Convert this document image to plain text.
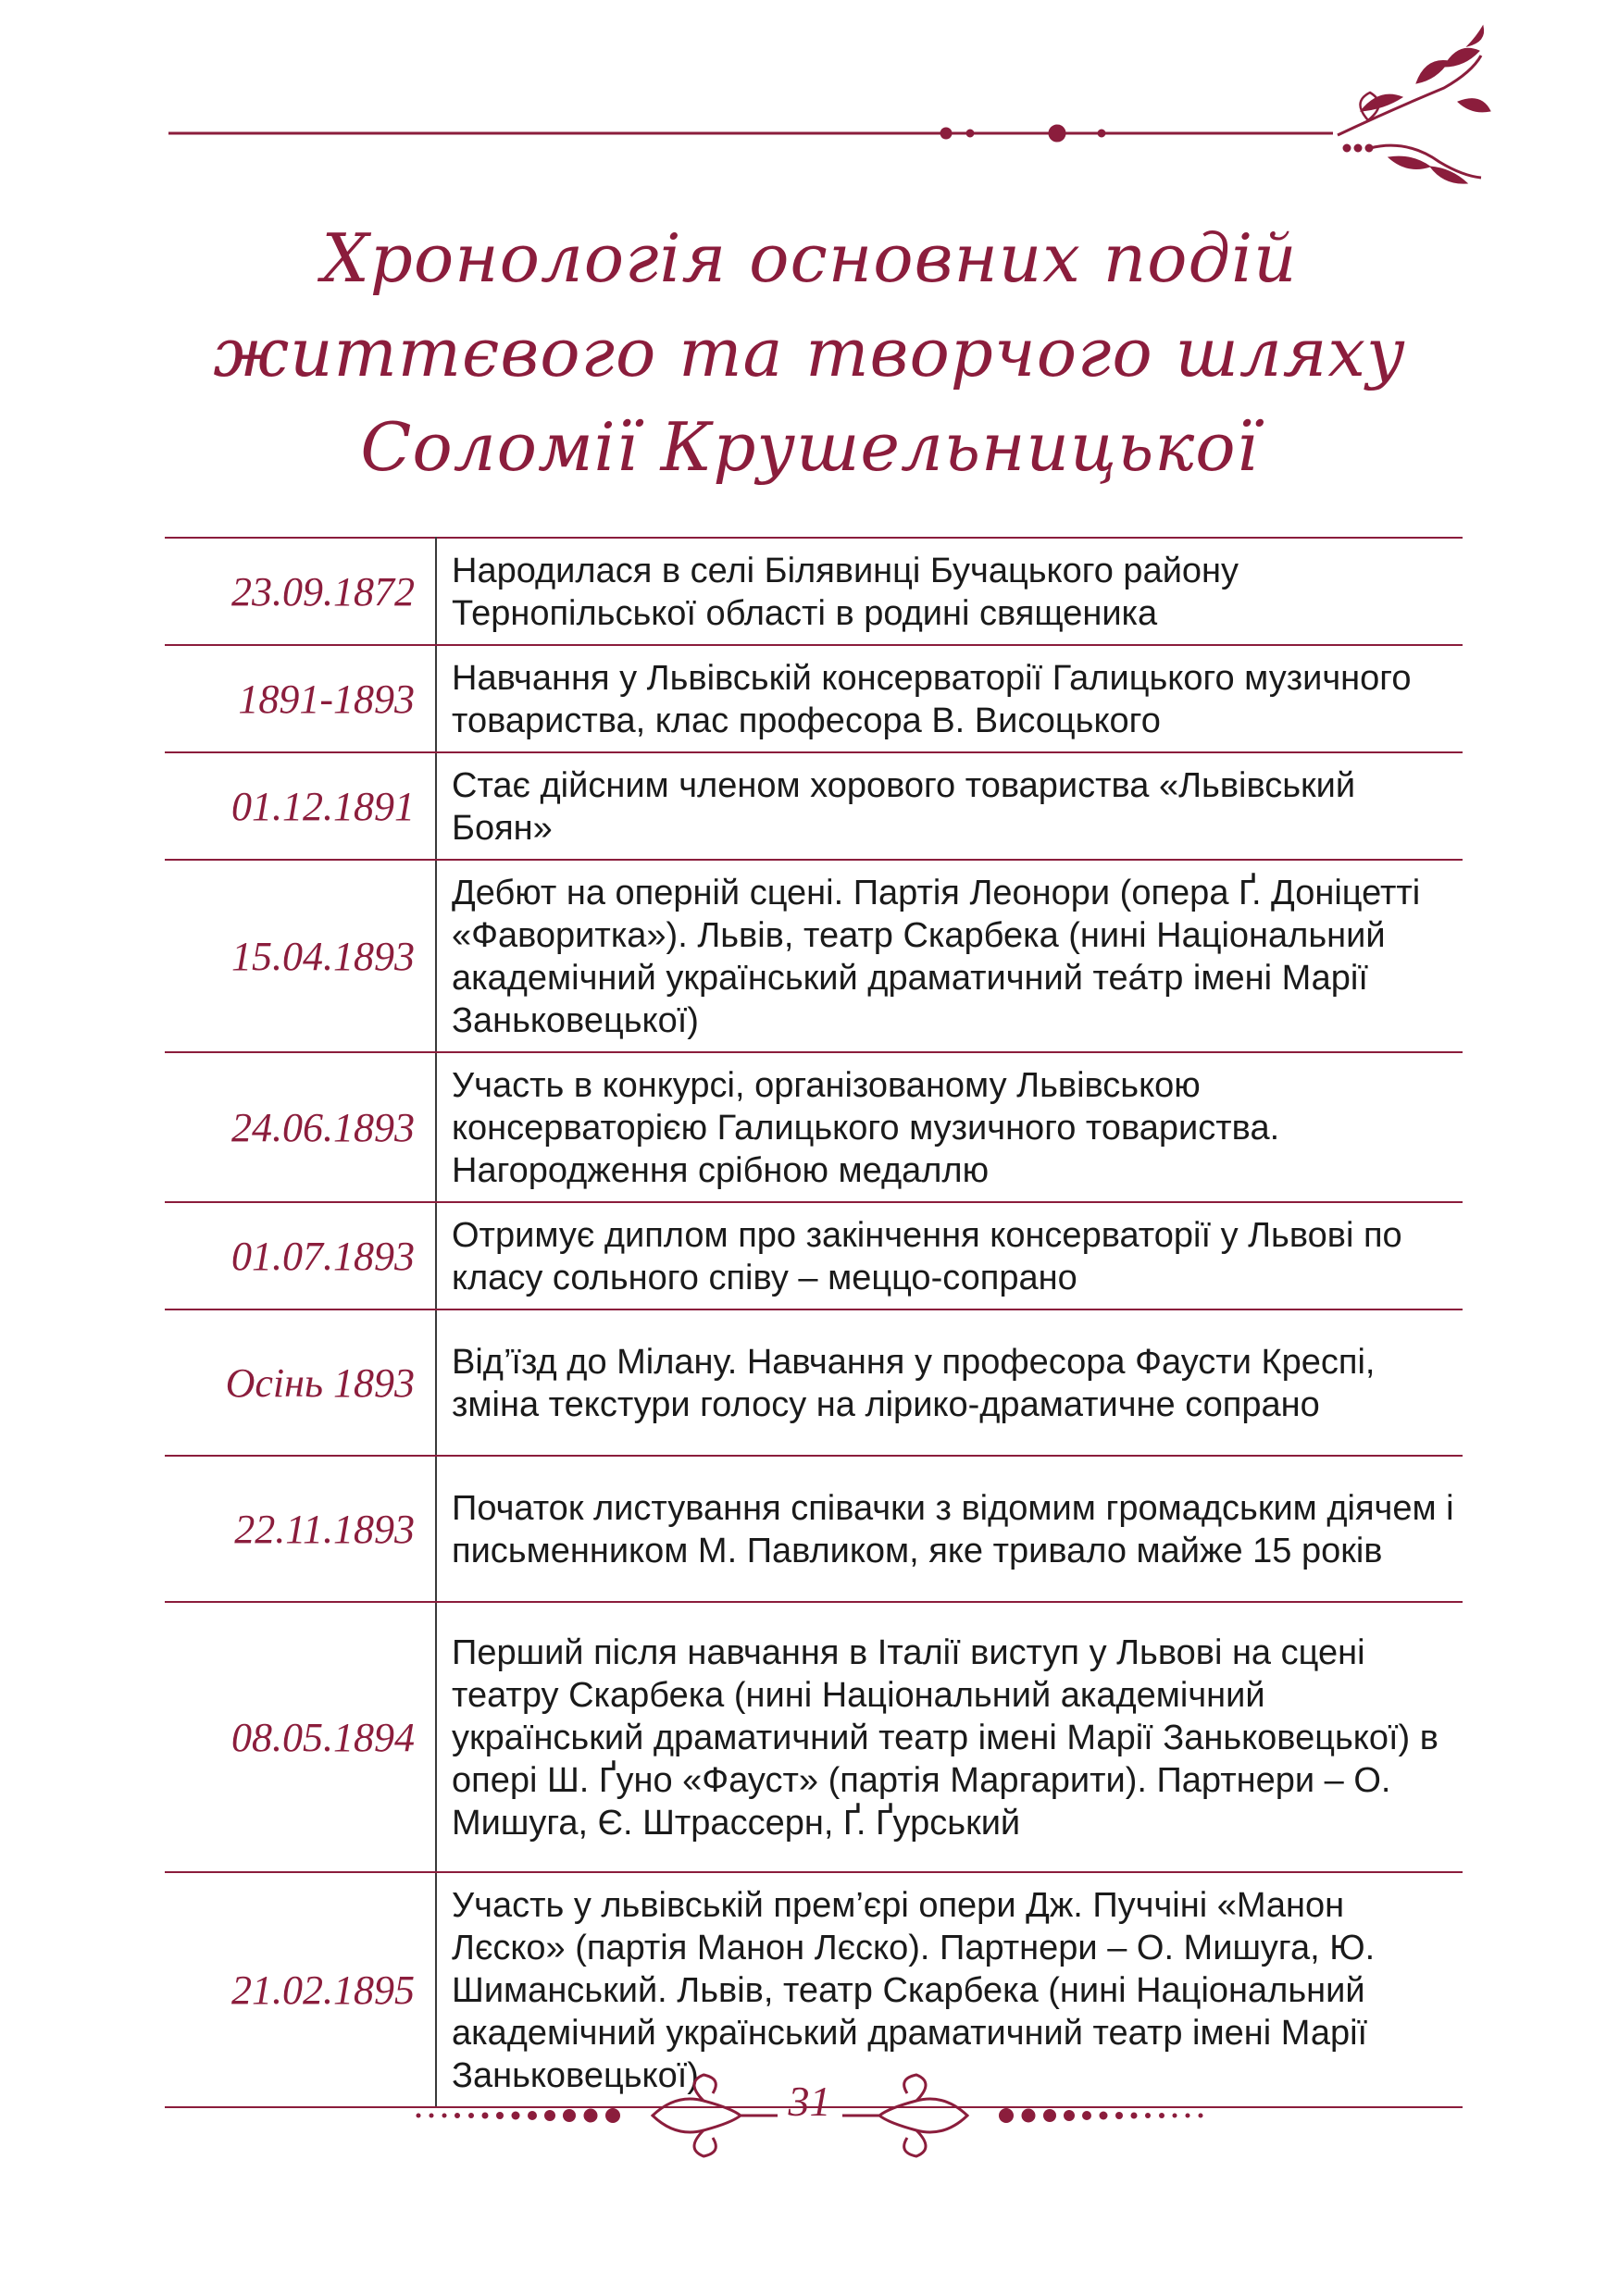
Хронологія основних подій
життєвого та творчого шляху
Соломії Крушельницької
23.09.1872	Народилася в селі Білявинці Бучацького району Тернопільської області в родині священика
1891-1893	Навчання у Львівській консерваторії Галицького музичного товариства, клас професора В. Висоцького
01.12.1891	Стає дійсним членом хорового товариства «Львівський Боян»
15.04.1893	Дебют на оперній сцені. Партія Леонори (опера Ґ. Доніцетті «Фаворитка»). Львів, театр Скарбека (нині Національний академічний український драматичний теа́тр імені Марії Заньковецької)
24.06.1893	Участь в конкурсі, організованому Львівською консерваторією Галицького музичного товариства. Нагородження срібною медаллю
01.07.1893	Отримує диплом про закінчення консерваторії у Львові по класу сольного співу – меццо-сопрано
Осінь 1893	Від’їзд до Мілану. Навчання у професора Фаусти Креспі, зміна текстури голосу на лірико-драматичне сопрано
22.11.1893	Початок листування співачки з відомим громадським діячем і письменником М. Павликом, яке тривало майже 15 років
08.05.1894	Перший після навчання в Італії виступ у Львові на сцені театру Скарбека (нині Національний академічний український драматичний театр імені Марії Заньковецької) в опері Ш. Ґуно «Фауст» (партія Маргарити). Партнери – О. Мишуга, Є. Штрассерн, Ґ. Ґурський
21.02.1895	Участь у львівській прем’єрі опери Дж. Пуччіні «Манон Лєско» (партія Манон Лєско). Партнери – О. Мишуга, Ю. Шиманський. Львів, театр Скарбека (нині Національний академічний український драматичний театр імені Марії Заньковецької)
31
